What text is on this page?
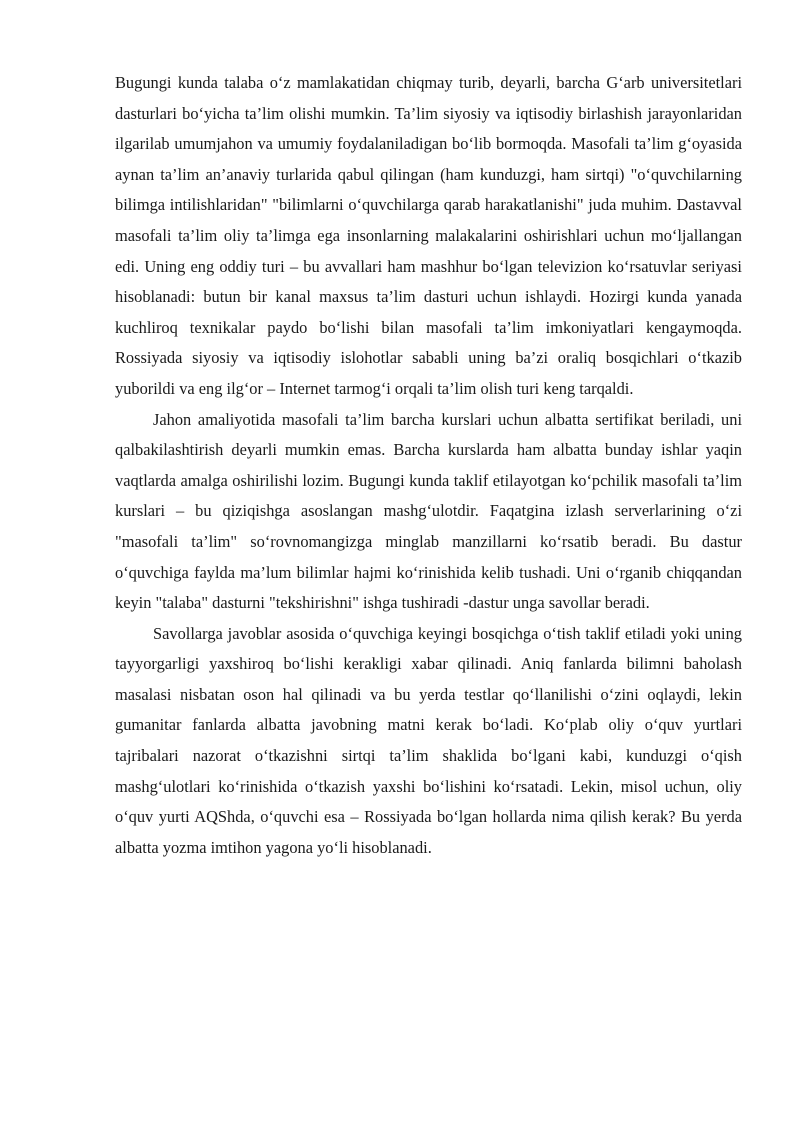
Bugungi kunda talaba o‘z mamlakatidan chiqmay turib, deyarli, barcha G‘arb universitetlari dasturlari bo‘yicha ta’lim olishi mumkin. Ta’lim siyosiy va iqtisodiy birlashish jarayonlaridan ilgarilab umumjahon va umumiy foydalaniladigan bo‘lib bormoqda. Masofali ta’lim g‘oyasida aynan ta’lim an’anaviy turlarida qabul qilingan (ham kunduzgi, ham sirtqi) "o‘quvchilarning bilimga intilishlaridan" "bilimlarni o‘quvchilarga qarab harakatlanishi" juda muhim. Dastavval masofali ta’lim oliy ta’limga ega insonlarning malakalarini oshirishlari uchun mo‘ljallangan edi. Uning eng oddiy turi – bu avvallari ham mashhur bo‘lgan televizion ko‘rsatuvlar seriyasi hisoblanadi: butun bir kanal maxsus ta’lim dasturi uchun ishlaydi. Hozirgi kunda yanada kuchliroq texnikalar paydo bo‘lishi bilan masofali ta’lim imkoniyatlari kengaymoqda. Rossiyada siyosiy va iqtisodiy islohotlar sababli uning ba’zi oraliq bosqichlari o‘tkazib yuborildi va eng ilg‘or – Internet tarmog‘i orqali ta’lim olish turi keng tarqaldi.

Jahon amaliyotida masofali ta’lim barcha kurslari uchun albatta sertifikat beriladi, uni qalbakilashtirish deyarli mumkin emas. Barcha kurslarda ham albatta bunday ishlar yaqin vaqtlarda amalga oshirilishi lozim. Bugungi kunda taklif etilayotgan ko‘pchilik masofali ta’lim kurslari – bu qiziqishga asoslangan mashg‘ulotdir. Faqatgina izlash serverlarining o‘zi "masofali ta’lim" so‘rovnomangizga minglab manzillarni ko‘rsatib beradi. Bu dastur o‘quvchiga faylda ma’lum bilimlar hajmi ko‘rinishida kelib tushadi. Uni o‘rganib chiqqandan keyin "talaba" dasturni "tekshirishni" ishga tushiradi -dastur unga savollar beradi.

Savollarga javoblar asosida o‘quvchiga keyingi bosqichga o‘tish taklif etiladi yoki uning tayyorgarligi yaxshiroq bo‘lishi kerakligi xabar qilinadi. Aniq fanlarda bilimni baholash masalasi nisbatan oson hal qilinadi va bu yerda testlar qo‘llanilishi o‘zini oqlaydi, lekin gumanitar fanlarda albatta javobning matni kerak bo‘ladi. Ko‘plab oliy o‘quv yurtlari tajribalari nazorat o‘tkazishni sirtqi ta’lim shaklida bo‘lgani kabi, kunduzgi o‘qish mashg‘ulotlari ko‘rinishida o‘tkazish yaxshi bo‘lishini ko‘rsatadi. Lekin, misol uchun, oliy o‘quv yurti AQShda, o‘quvchi esa – Rossiyada bo‘lgan hollarda nima qilish kerak? Bu yerda albatta yozma imtihon yagona yo‘li hisoblanadi.
